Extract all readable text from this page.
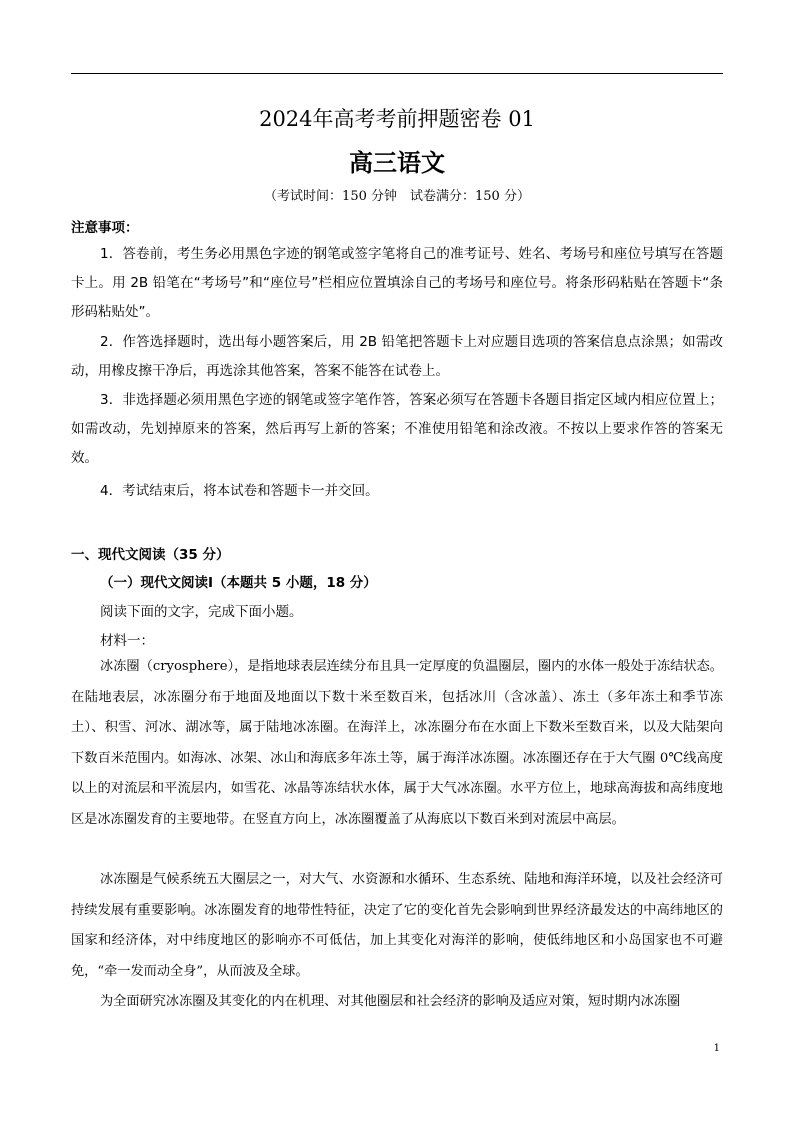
2024年高考考前押题密卷 01
高三语文
（考试时间：150 分钟　试卷满分：150 分）
注意事项：
1．答卷前，考生务必用黑色字迹的钢笔或签字笔将自己的准考证号、姓名、考场号和座位号填写在答题卡上。用 2B 铅笔在“考场号”和“座位号”栏相应位置填涂自己的考场号和座位号。将条形码粘贴在答题卡“条形码粘贴处”。
2．作答选择题时，选出每小题答案后，用 2B 铅笔把答题卡上对应题目选项的答案信息点涂黑；如需改动，用橡皮擦干净后，再选涂其他答案，答案不能答在试卷上。
3．非选择题必须用黑色字迹的钢笔或签字笔作答，答案必须写在答题卡各题目指定区域内相应位置上；如需改动，先划掉原来的答案，然后再写上新的答案；不准使用铅笔和涂改液。不按以上要求作答的答案无效。
4．考试结束后，将本试卷和答题卡一并交回。
一、现代文阅读（35 分）
（一）现代文阅读Ⅰ（本题共 5 小题，18 分）
阅读下面的文字，完成下面小题。
材料一：
冰冻圈（cryosphere），是指地球表层连续分布且具一定厚度的负温圈层，圈内的水体一般处于冻结状态。在陆地表层，冰冻圈分布于地面及地面以下数十米至数百米，包括冰川（含冰盖）、冻土（多年冻土和季节冻土）、积雪、河冰、湖冰等，属于陆地冰冻圈。在海洋上，冰冻圈分布在水面上下数米至数百米，以及大陆架向下数百米范围内。如海冰、冰架、冰山和海底多年冻土等，属于海洋冰冻圈。冰冻圈还存在于大气圈 0℃线高度以上的对流层和平流层内，如雪花、冰晶等冻结状水体，属于大气冰冻圈。水平方位上，地球高海拔和高纬度地区是冰冻圈发育的主要地带。在竖直方向上，冰冻圈覆盖了从海底以下数百米到对流层中高层。
冰冻圈是气候系统五大圈层之一，对大气、水资源和水循环、生态系统、陆地和海洋环境，以及社会经济可持续发展有重要影响。冰冻圈发育的地带性特征，决定了它的变化首先会影响到世界经济最发达的中高纬地区的国家和经济体，对中纬度地区的影响亦不可低估，加上其变化对海洋的影响，使低纬地区和小岛国家也不可避免，“牵一发而动全身”，从而波及全球。
为全面研究冰冻圈及其变化的内在机理、对其他圈层和社会经济的影响及适应对策，短时期内冰冻圈
1
